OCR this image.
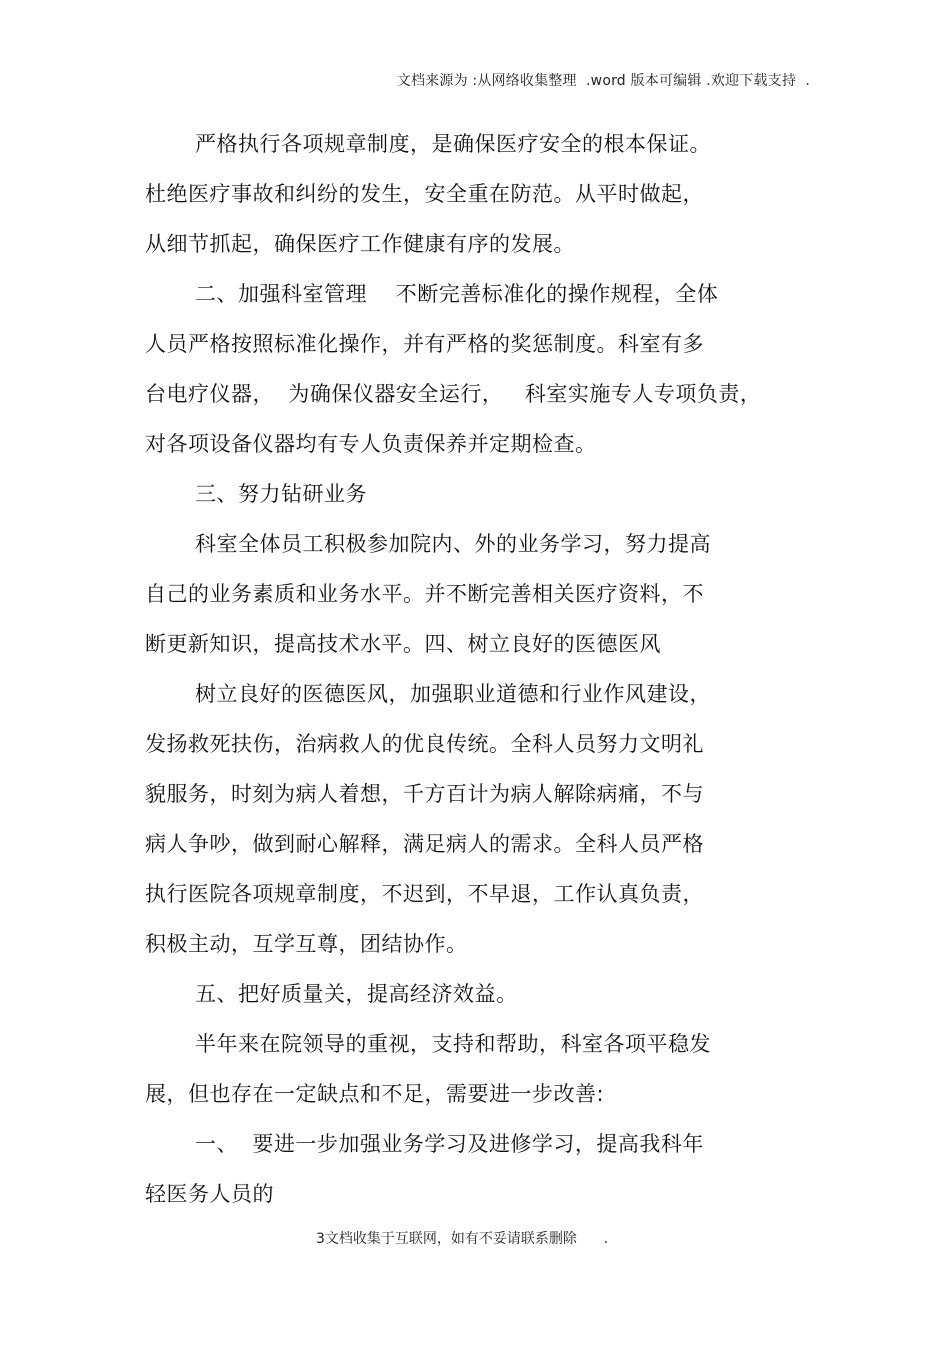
文档来源为 :从网络收集整理  .word 版本可编辑 .欢迎下载支持  .
严格执行各项规章制度，是确保医疗安全的根本保证。
杜绝医疗事故和纠纷的发生，安全重在防范。从平时做起，
从细节抓起，确保医疗工作健康有序的发展。
二、加强科室管理    不断完善标准化的操作规程，全体
人员严格按照标准化操作，并有严格的奖惩制度。科室有多
台电疗仪器，  为确保仪器安全运行，   科室实施专人专项负责，
对各项设备仪器均有专人负责保养并定期检查。
三、努力钻研业务
科室全体员工积极参加院内、外的业务学习，努力提高
自己的业务素质和业务水平。并不断完善相关医疗资料，不
断更新知识，提高技术水平。四、树立良好的医德医风
树立良好的医德医风，加强职业道德和行业作风建设，
发扬救死扶伤，治病救人的优良传统。全科人员努力文明礼
貌服务，时刻为病人着想，千方百计为病人解除病痛，不与
病人争吵，做到耐心解释，满足病人的需求。全科人员严格
执行医院各项规章制度，不迟到，不早退，工作认真负责，
积极主动，互学互尊，团结协作。
五、把好质量关，提高经济效益。
半年来在院领导的重视，支持和帮助，科室各项平稳发
展，但也存在一定缺点和不足，需要进一步改善:
一、  要进一步加强业务学习及进修学习，提高我科年
轻医务人员的
3文档收集于互联网，如有不妥请联系删除      .
